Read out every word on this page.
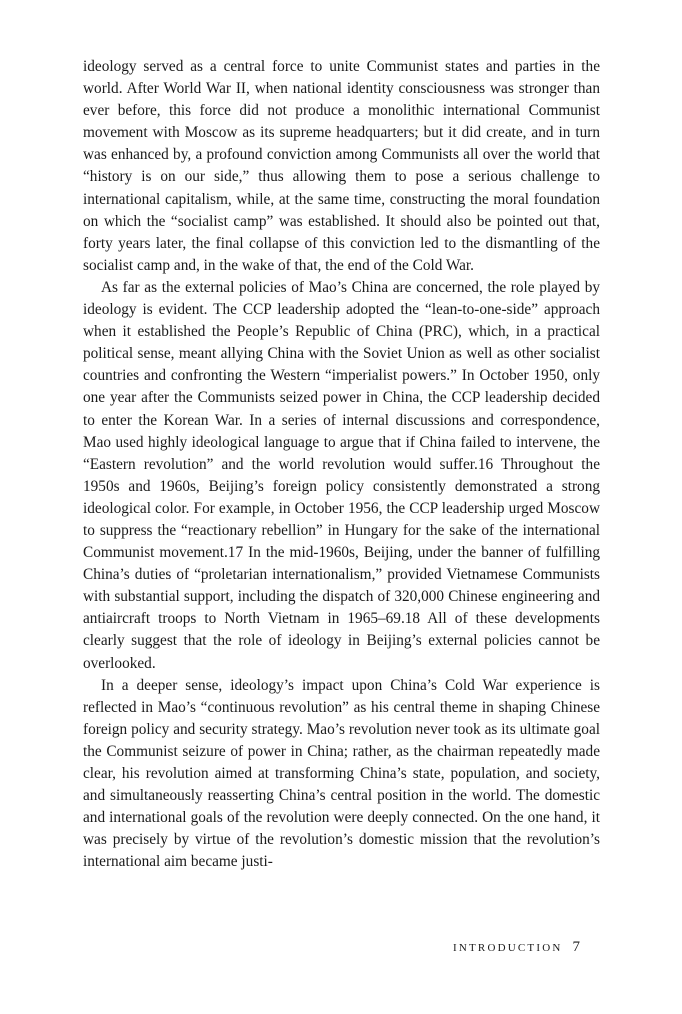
ideology served as a central force to unite Communist states and parties in the world. After World War II, when national identity consciousness was stronger than ever before, this force did not produce a monolithic international Communist movement with Moscow as its supreme headquarters; but it did create, and in turn was enhanced by, a profound conviction among Communists all over the world that “history is on our side,” thus allowing them to pose a serious challenge to international capitalism, while, at the same time, constructing the moral foundation on which the “socialist camp” was established. It should also be pointed out that, forty years later, the final collapse of this conviction led to the dismantling of the socialist camp and, in the wake of that, the end of the Cold War.

As far as the external policies of Mao’s China are concerned, the role played by ideology is evident. The CCP leadership adopted the “lean-to-one-side” approach when it established the People’s Republic of China (PRC), which, in a practical political sense, meant allying China with the Soviet Union as well as other socialist countries and confronting the Western “imperialist powers.” In October 1950, only one year after the Communists seized power in China, the CCP leadership decided to enter the Korean War. In a series of internal discussions and correspondence, Mao used highly ideological language to argue that if China failed to intervene, the “Eastern revolution” and the world revolution would suffer.16 Throughout the 1950s and 1960s, Beijing’s foreign policy consistently demonstrated a strong ideological color. For example, in October 1956, the CCP leadership urged Moscow to suppress the “reactionary rebellion” in Hungary for the sake of the international Communist movement.17 In the mid-1960s, Beijing, under the banner of fulfilling China’s duties of “proletarian internationalism,” provided Vietnamese Communists with substantial support, including the dispatch of 320,000 Chinese engineering and antiaircraft troops to North Vietnam in 1965–69.18 All of these developments clearly suggest that the role of ideology in Beijing’s external policies cannot be overlooked.

In a deeper sense, ideology’s impact upon China’s Cold War experience is reflected in Mao’s “continuous revolution” as his central theme in shaping Chinese foreign policy and security strategy. Mao’s revolution never took as its ultimate goal the Communist seizure of power in China; rather, as the chairman repeatedly made clear, his revolution aimed at transforming China’s state, population, and society, and simultaneously reasserting China’s central position in the world. The domestic and international goals of the revolution were deeply connected. On the one hand, it was precisely by virtue of the revolution’s domestic mission that the revolution’s international aim became justi-

INTRODUCTION 7
